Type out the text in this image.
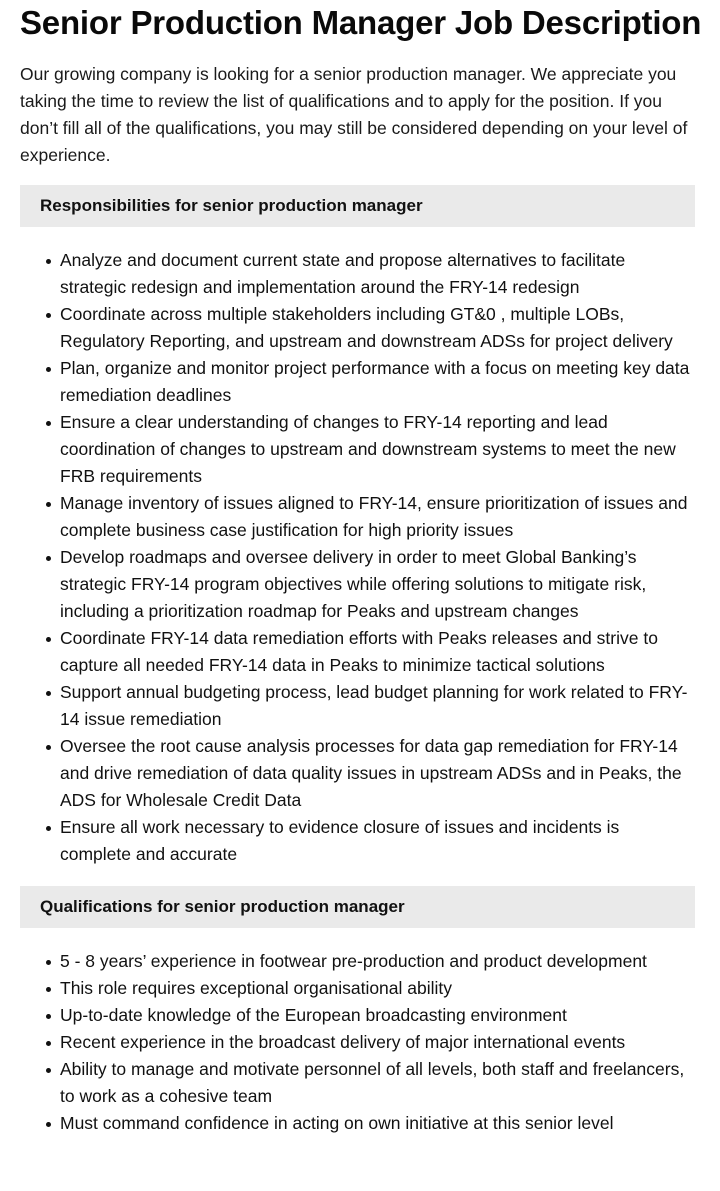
Senior Production Manager Job Description

Our growing company is looking for a senior production manager. We appreciate you taking the time to review the list of qualifications and to apply for the position. If you don’t fill all of the qualifications, you may still be considered depending on your level of experience.

Responsibilities for senior production manager
Analyze and document current state and propose alternatives to facilitate strategic redesign and implementation around the FRY-14 redesign
Coordinate across multiple stakeholders including GT&0 , multiple LOBs, Regulatory Reporting, and upstream and downstream ADSs for project delivery
Plan, organize and monitor project performance with a focus on meeting key data remediation deadlines
Ensure a clear understanding of changes to FRY-14 reporting and lead coordination of changes to upstream and downstream systems to meet the new FRB requirements
Manage inventory of issues aligned to FRY-14, ensure prioritization of issues and complete business case justification for high priority issues
Develop roadmaps and oversee delivery in order to meet Global Banking’s strategic FRY-14 program objectives while offering solutions to mitigate risk, including a prioritization roadmap for Peaks and upstream changes
Coordinate FRY-14 data remediation efforts with Peaks releases and strive to capture all needed FRY-14 data in Peaks to minimize tactical solutions
Support annual budgeting process, lead budget planning for work related to FRY-14 issue remediation
Oversee the root cause analysis processes for data gap remediation for FRY-14 and drive remediation of data quality issues in upstream ADSs and in Peaks, the ADS for Wholesale Credit Data
Ensure all work necessary to evidence closure of issues and incidents is complete and accurate
Qualifications for senior production manager
5 - 8 years’ experience in footwear pre-production and product development
This role requires exceptional organisational ability
Up-to-date knowledge of the European broadcasting environment
Recent experience in the broadcast delivery of major international events
Ability to manage and motivate personnel of all levels, both staff and freelancers, to work as a cohesive team
Must command confidence in acting on own initiative at this senior level
